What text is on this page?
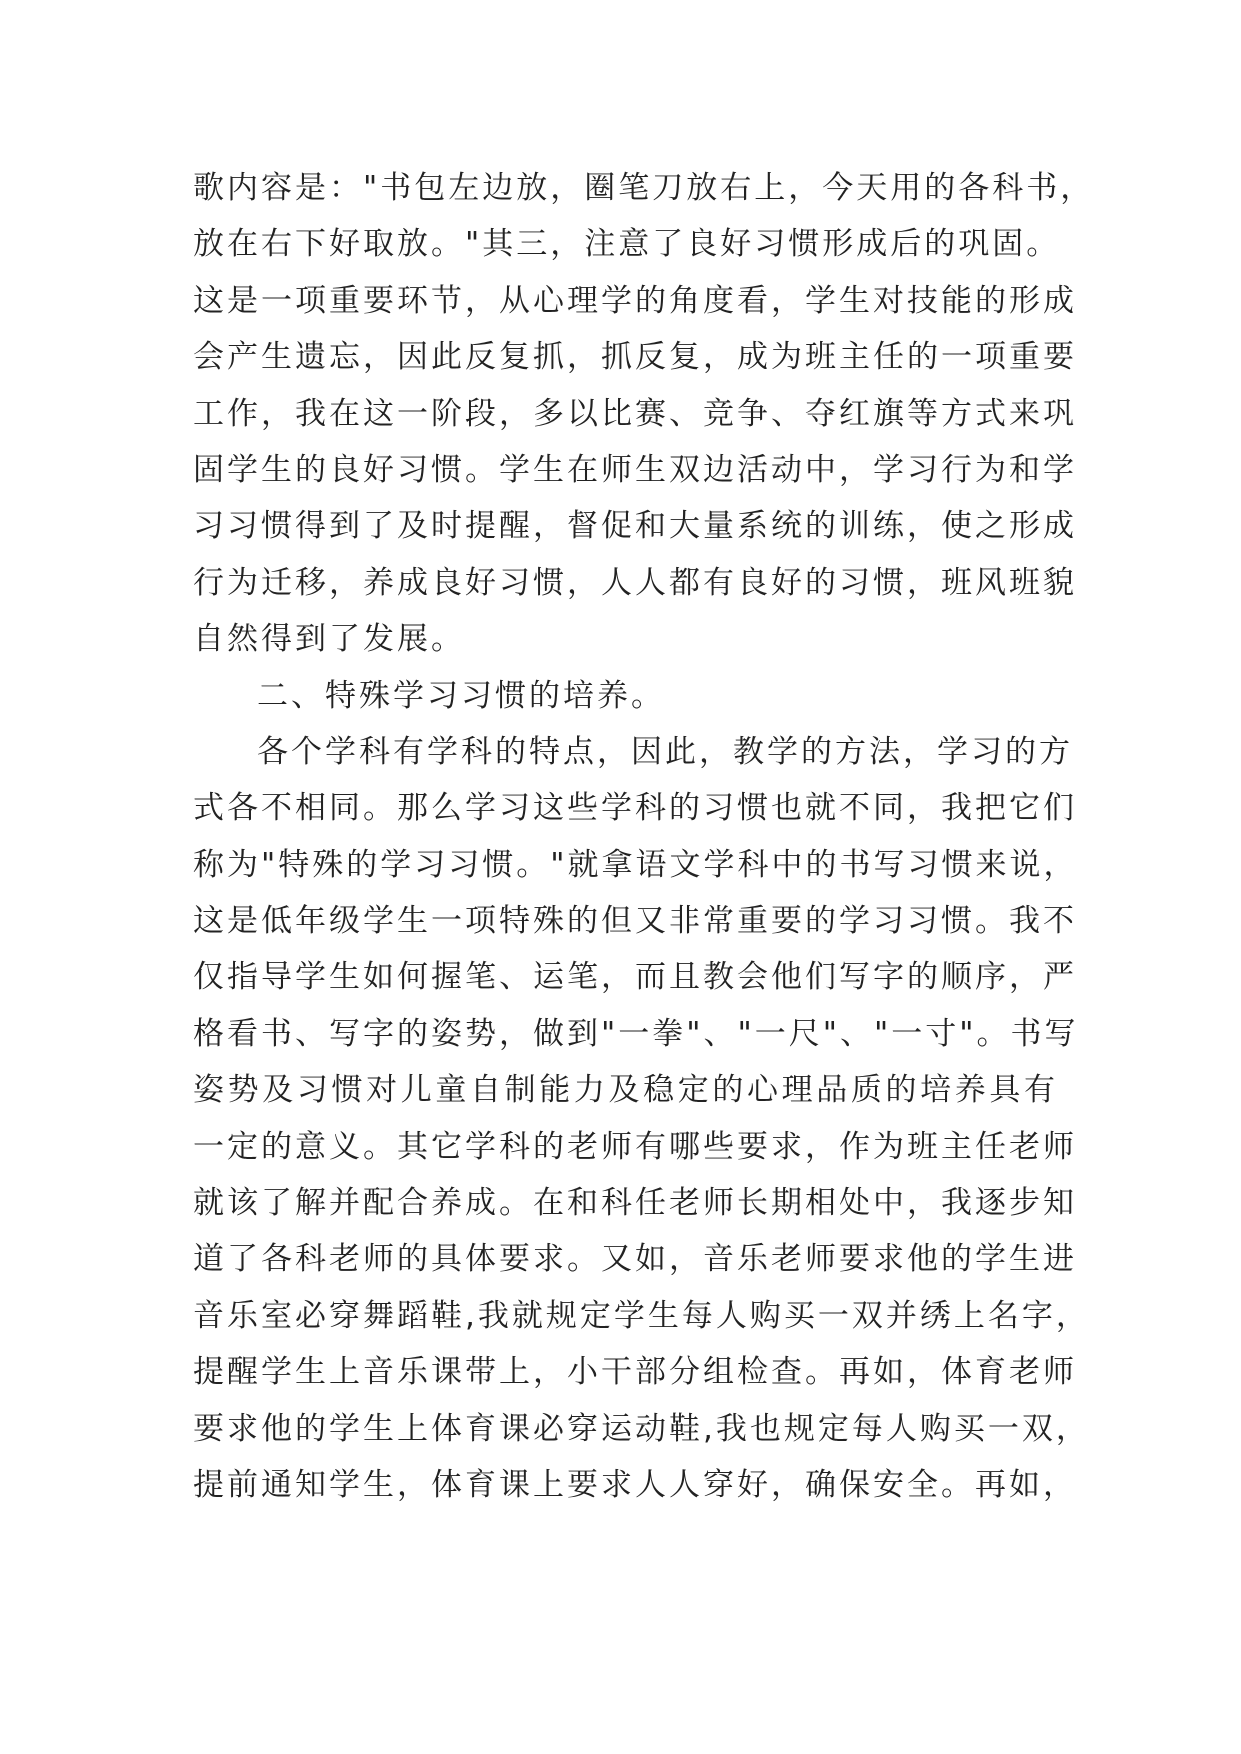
歌内容是："书包左边放，圈笔刀放右上，今天用的各科书，
放在右下好取放。"其三，注意了良好习惯形成后的巩固。
这是一项重要环节，从心理学的角度看，学生对技能的形成
会产生遗忘，因此反复抓，抓反复，成为班主任的一项重要
工作，我在这一阶段，多以比赛、竞争、夺红旗等方式来巩
固学生的良好习惯。学生在师生双边活动中，学习行为和学
习习惯得到了及时提醒，督促和大量系统的训练，使之形成
行为迁移，养成良好习惯，人人都有良好的习惯，班风班貌
自然得到了发展。
二、特殊学习习惯的培养。
各个学科有学科的特点，因此，教学的方法，学习的方
式各不相同。那么学习这些学科的习惯也就不同，我把它们
称为"特殊的学习习惯。"就拿语文学科中的书写习惯来说，
这是低年级学生一项特殊的但又非常重要的学习习惯。我不
仅指导学生如何握笔、运笔，而且教会他们写字的顺序，严
格看书、写字的姿势，做到"一拳"、"一尺"、"一寸"。书写
姿势及习惯对儿童自制能力及稳定的心理品质的培养具有
一定的意义。其它学科的老师有哪些要求，作为班主任老师
就该了解并配合养成。在和科任老师长期相处中，我逐步知
道了各科老师的具体要求。又如，音乐老师要求他的学生进
音乐室必穿舞蹈鞋,我就规定学生每人购买一双并绣上名字，
提醒学生上音乐课带上，小干部分组检查。再如，体育老师
要求他的学生上体育课必穿运动鞋,我也规定每人购买一双，
提前通知学生，体育课上要求人人穿好，确保安全。再如，
